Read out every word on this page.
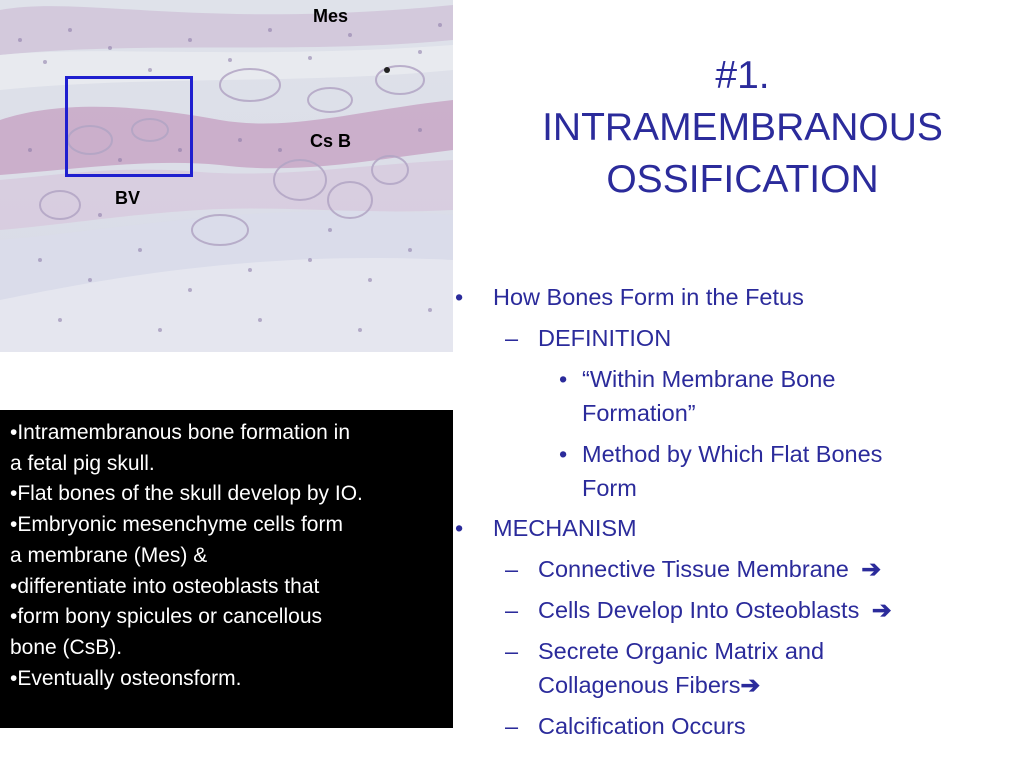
Mes
Cs B
BV
•Intramembranous bone formation in
a fetal pig skull.
•Flat bones of the skull develop by IO.
•Embryonic mesenchyme cells form
a membrane (Mes) &
•differentiate into osteoblasts that
•form bony spicules or cancellous
bone (CsB).
•Eventually osteonsform.
#1.
INTRAMEMBRANOUS
OSSIFICATION
• How Bones Form in the Fetus
– DEFINITION
• “Within Membrane Bone
Formation”
• Method by Which Flat Bones
Form
• MECHANISM
– Connective Tissue Membrane ➔
– Cells Develop Into Osteoblasts ➔
– Secrete Organic Matrix and
Collagenous Fibers➔
– Calcification Occurs
